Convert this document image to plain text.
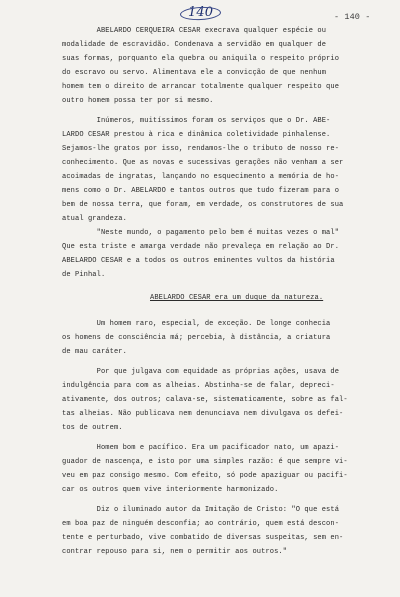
140	- 140 -
ABELARDO CERQUEIRA CESAR execrava qualquer espécie ou
modalidade de escravidão. Condenava a servidão em qualquer de
suas formas, porquanto ela quebra ou aniquila o respeito próprio
do escravo ou servo. Alimentava ele a convicção de que nenhum
homem tem o direito de arrancar totalmente qualquer respeito que
outro homem possa ter por si mesmo.
Inúmeros, muitíssimos foram os serviços que o Dr. ABE-
LARDO CESAR prestou à rica e dinâmica coletividade pinhalense.
Sejamos-lhe gratos por isso, rendamos-lhe o tributo de nosso re-
conhecimento. Que as novas e sucessivas gerações não venham a ser
acoimadas de ingratas, lançando no esquecimento a memória de ho-
mens como o Dr. ABELARDO e tantos outros que tudo fizeram para o
bem de nossa terra, que foram, em verdade, os construtores de sua
atual grandeza.
"Neste mundo, o pagamento pelo bem é muitas vezes o mal"
Que esta triste e amarga verdade não prevaleça em relação ao Dr.
ABELARDO CESAR e a todos os outros eminentes vultos da história
de Pinhal.
ABELARDO CESAR era um duque da natureza.
Um homem raro, especial, de exceção. De longe conhecia
os homens de consciência má; percebia, à distância, a criatura
de mau caráter.
Por que julgava com equidade as próprias ações, usava de
indulgência para com as alheias. Abstinha-se de falar, depreci-
ativamente, dos outros; calava-se, sistematicamente, sobre as fal-
tas alheias. Não publicava nem denunciava nem divulgava os defei-
tos de outrem.
Homem bom e pacífico. Era um pacificador nato, um apazi-
guador de nascença, e isto por uma simples razão: é que sempre vi-
veu em paz consigo mesmo. Com efeito, só pode apaziguar ou pacifi-
car os outros quem vive interiormente harmonizado.
Diz o iluminado autor da Imitação de Cristo: "O que está
em boa paz de ninguém desconfia; ao contrário, quem está descon-
tente e perturbado, vive combatido de diversas suspeitas, sem en-
contrar repouso para si, nem o permitir aos outros."
